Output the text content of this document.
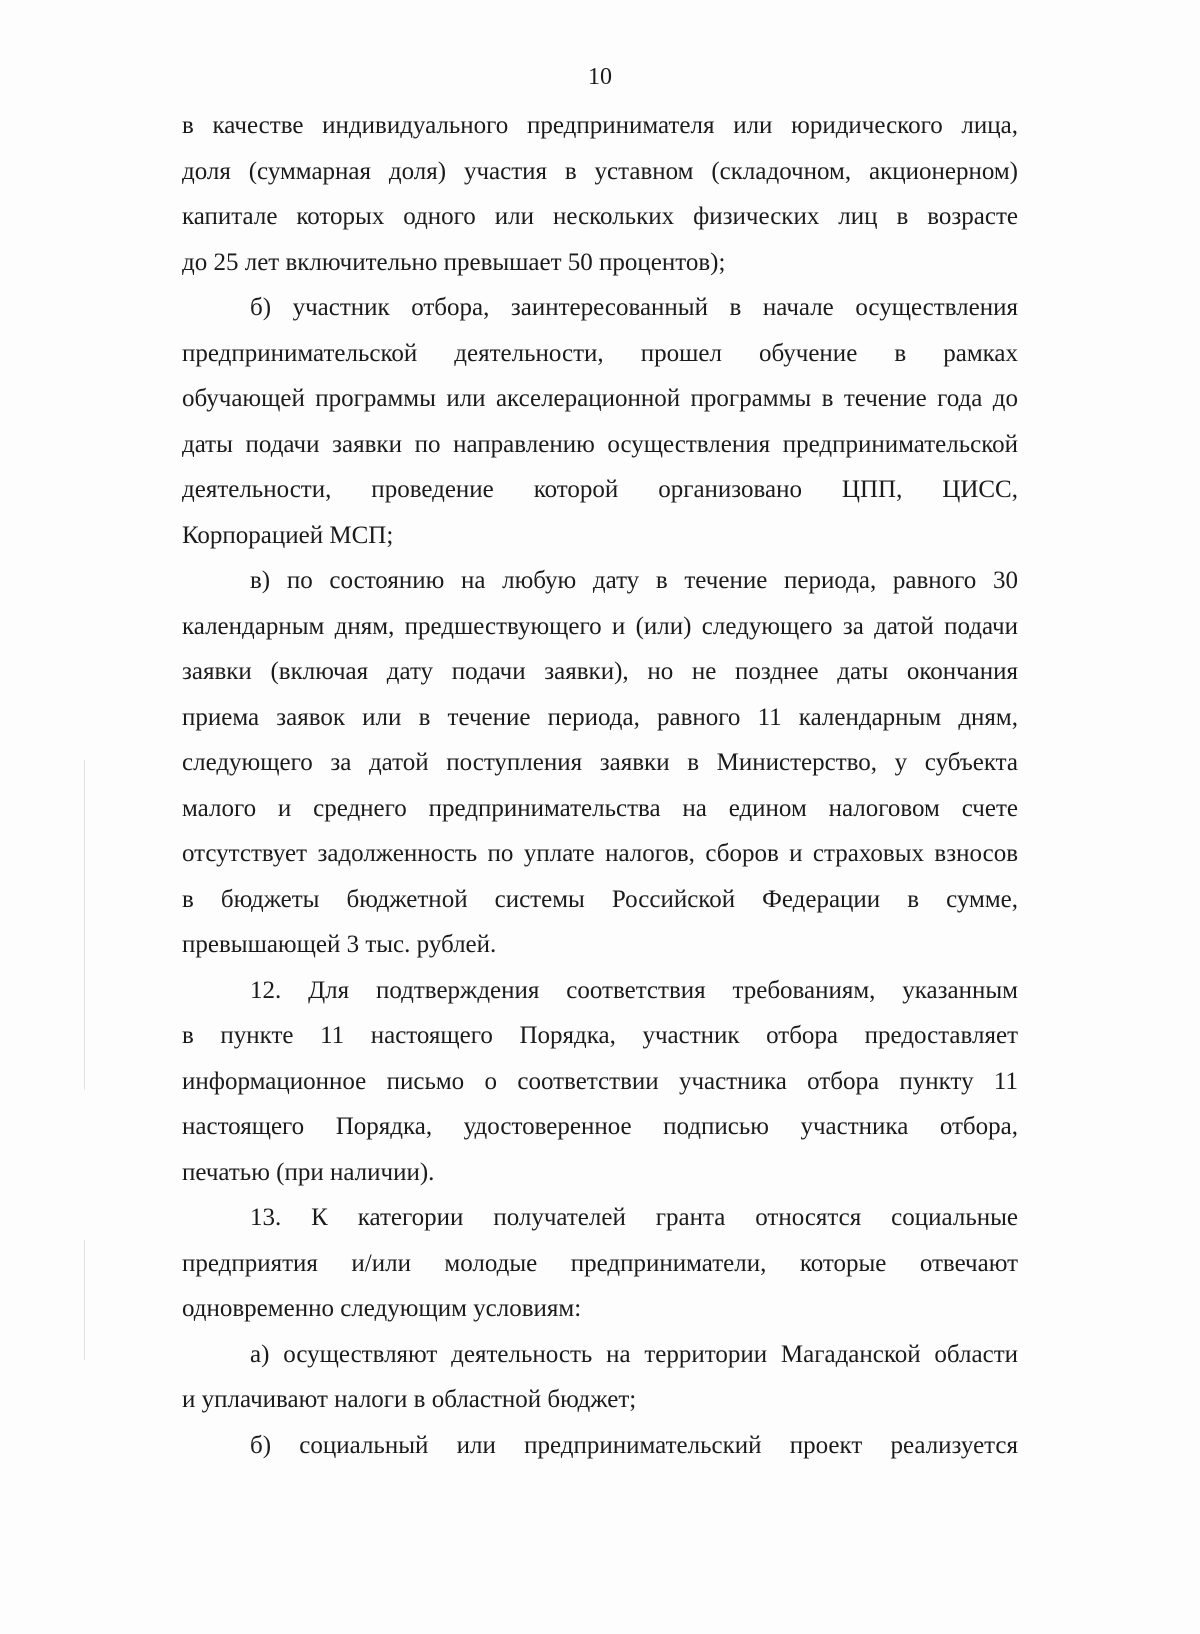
10

в качестве индивидуального предпринимателя или юридического лица,
доля (суммарная доля) участия в уставном (складочном, акционерном)
капитале которых одного или нескольких физических лиц в возрасте
до 25 лет включительно превышает 50 процентов);

б) участник отбора, заинтересованный в начале осуществления
предпринимательской деятельности, прошел обучение в рамках
обучающей программы или акселерационной программы в течение года до
даты подачи заявки по направлению осуществления предпринимательской
деятельности, проведение которой организовано ЦПП, ЦИСС,
Корпорацией МСП;

в) по состоянию на любую дату в течение периода, равного 30
календарным дням, предшествующего и (или) следующего за датой подачи
заявки (включая дату подачи заявки), но не позднее даты окончания
приема заявок или в течение периода, равного 11 календарным дням,
следующего за датой поступления заявки в Министерство, у субъекта
малого и среднего предпринимательства на едином налоговом счете
отсутствует задолженность по уплате налогов, сборов и страховых взносов
в бюджеты бюджетной системы Российской Федерации в сумме,
превышающей 3 тыс. рублей.

12. Для подтверждения соответствия требованиям, указанным
в пункте 11 настоящего Порядка, участник отбора предоставляет
информационное письмо о соответствии участника отбора пункту 11
настоящего Порядка, удостоверенное подписью участника отбора,
печатью (при наличии).

13. К категории получателей гранта относятся социальные
предприятия и/или молодые предприниматели, которые отвечают
одновременно следующим условиям:

а) осуществляют деятельность на территории Магаданской области
и уплачивают налоги в областной бюджет;

б) социальный или предпринимательский проект реализуется
